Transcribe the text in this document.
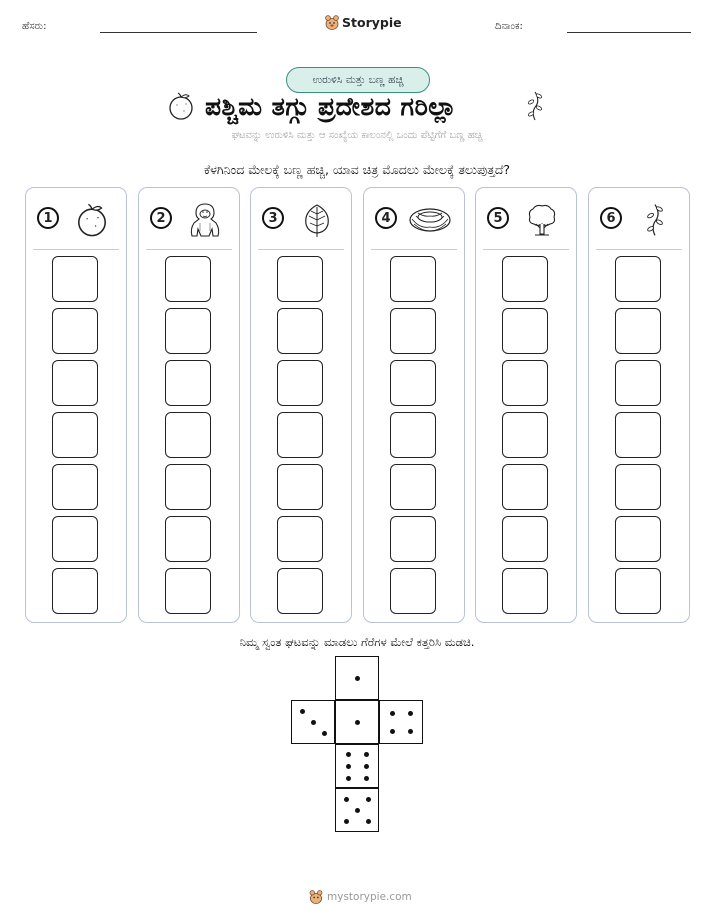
ಹೆಸರು:	Storypie	ದಿನಾಂಕ:
ಉರುಳಿಸಿ ಮತ್ತು ಬಣ್ಣ ಹಚ್ಚಿ
ಪಶ್ಚಿಮ ತಗ್ಗು ಪ್ರದೇಶದ ಗರಿಲ್ಲಾ
ಘಟವನ್ನು ಉರುಳಿಸಿ ಮತ್ತು ಆ ಸಂಖ್ಯೆಯ ಕಾಲಂನಲ್ಲಿ ಒಂದು ಪೆಟ್ಟಿಗೆಗೆ ಬಣ್ಣ ಹಚ್ಚಿ
ಕೆಳಗಿನಿಂದ ಮೇಲಕ್ಕೆ ಬಣ್ಣ ಹಚ್ಚಿ, ಯಾವ ಚಿತ್ರ ಮೊದಲು ಮೇಲಕ್ಕೆ ತಲುಪುತ್ತದೆ?
1	2	3	4	5	6
ನಿಮ್ಮ ಸ್ವಂತ ಘಟವನ್ನು ಮಾಡಲು ಗೆರೆಗಳ ಮೇಲೆ ಕತ್ತರಿಸಿ ಮಡಚಿ.
mystorypie.com
